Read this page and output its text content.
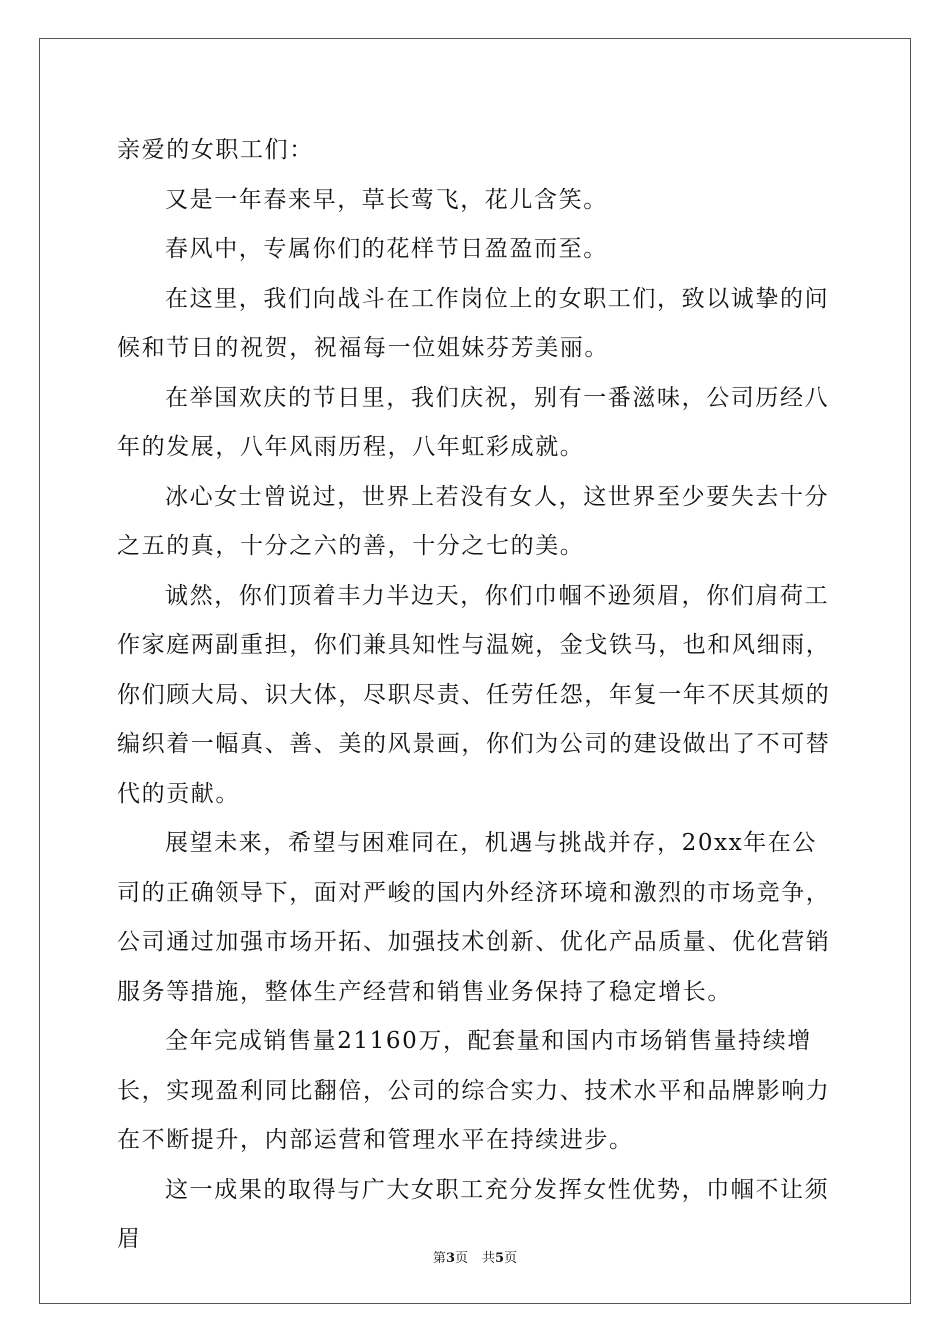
亲爱的女职工们：

又是一年春来早，草长莺飞，花儿含笑。

春风中，专属你们的花样节日盈盈而至。

在这里，我们向战斗在工作岗位上的女职工们，致以诚挚的问候和节日的祝贺，祝福每一位姐妹芬芳美丽。

在举国欢庆的节日里，我们庆祝，别有一番滋味，公司历经八年的发展，八年风雨历程，八年虹彩成就。

冰心女士曾说过，世界上若没有女人，这世界至少要失去十分之五的真，十分之六的善，十分之七的美。

诚然，你们顶着丰力半边天，你们巾帼不逊须眉，你们肩荷工作家庭两副重担，你们兼具知性与温婉，金戈铁马，也和风细雨，你们顾大局、识大体，尽职尽责、任劳任怨，年复一年不厌其烦的编织着一幅真、善、美的风景画，你们为公司的建设做出了不可替代的贡献。

展望未来，希望与困难同在，机遇与挑战并存，20xx年在公司的正确领导下，面对严峻的国内外经济环境和激烈的市场竞争，公司通过加强市场开拓、加强技术创新、优化产品质量、优化营销服务等措施，整体生产经营和销售业务保持了稳定增长。

全年完成销售量21160万，配套量和国内市场销售量持续增长，实现盈利同比翻倍，公司的综合实力、技术水平和品牌影响力在不断提升，内部运营和管理水平在持续进步。

这一成果的取得与广大女职工充分发挥女性优势，巾帼不让须眉

第3页 共5页
